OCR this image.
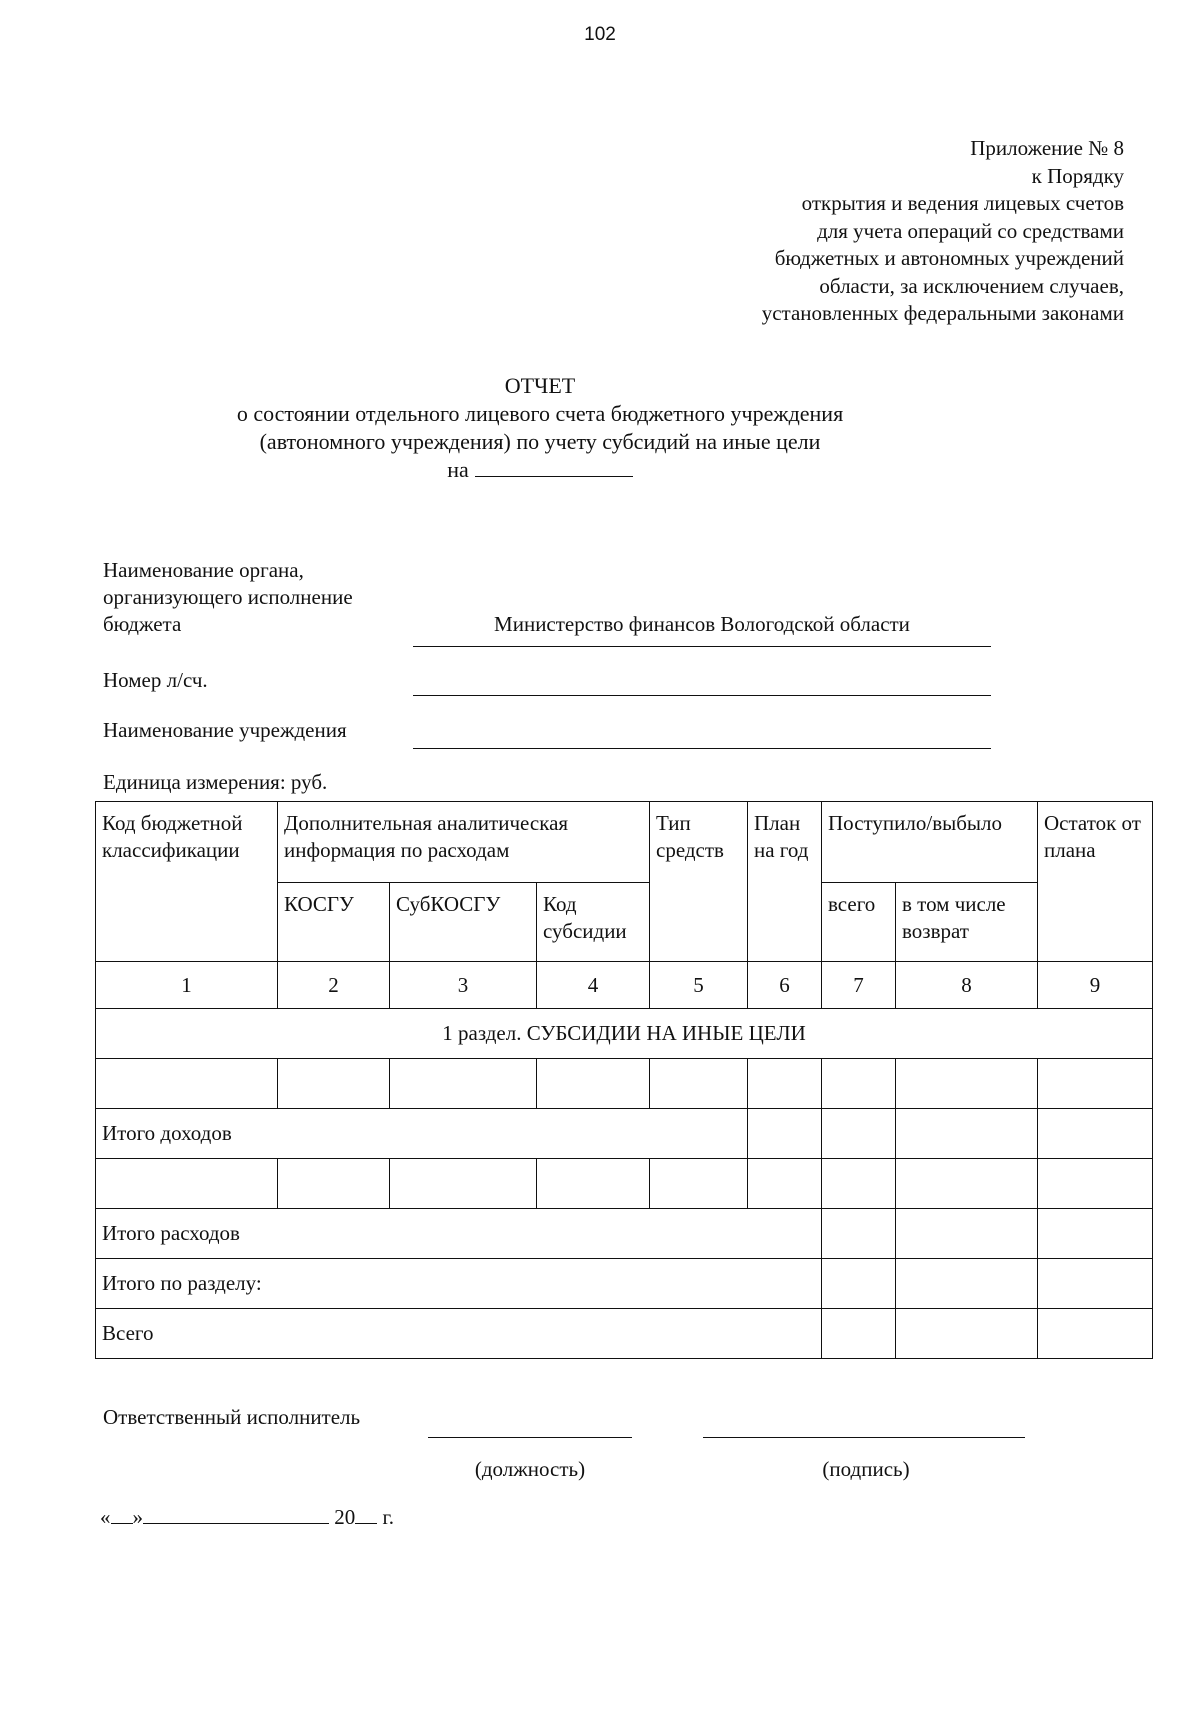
102
Приложение № 8
к Порядку
открытия и ведения лицевых счетов
для учета операций со средствами
бюджетных и автономных учреждений
области, за исключением случаев,
установленных федеральными законами
ОТЧЕТ
о состоянии отдельного лицевого счета бюджетного учреждения
(автономного учреждения) по учету субсидий на иные цели
на
Наименование органа,
организующего исполнение
бюджета	Министерство финансов Вологодской области
Номер л/сч.
Наименование учреждения
Единица измерения: руб.
Код бюджетной классификации	Дополнительная аналитическая информация по расходам			Тип средств	План на год	Поступило/выбыло		Остаток от плана
	КОСГУ	СубКОСГУ	Код субсидии			всего	в том числе возврат	
1	2	3	4	5	6	7	8	9
1 раздел. СУБСИДИИ НА ИНЫЕ ЦЕЛИ								

Итого доходов								

Итого расходов								
Итого по разделу:								
Всего								
Ответственный исполнитель
(должность)	(подпись)
« »	20 г.
